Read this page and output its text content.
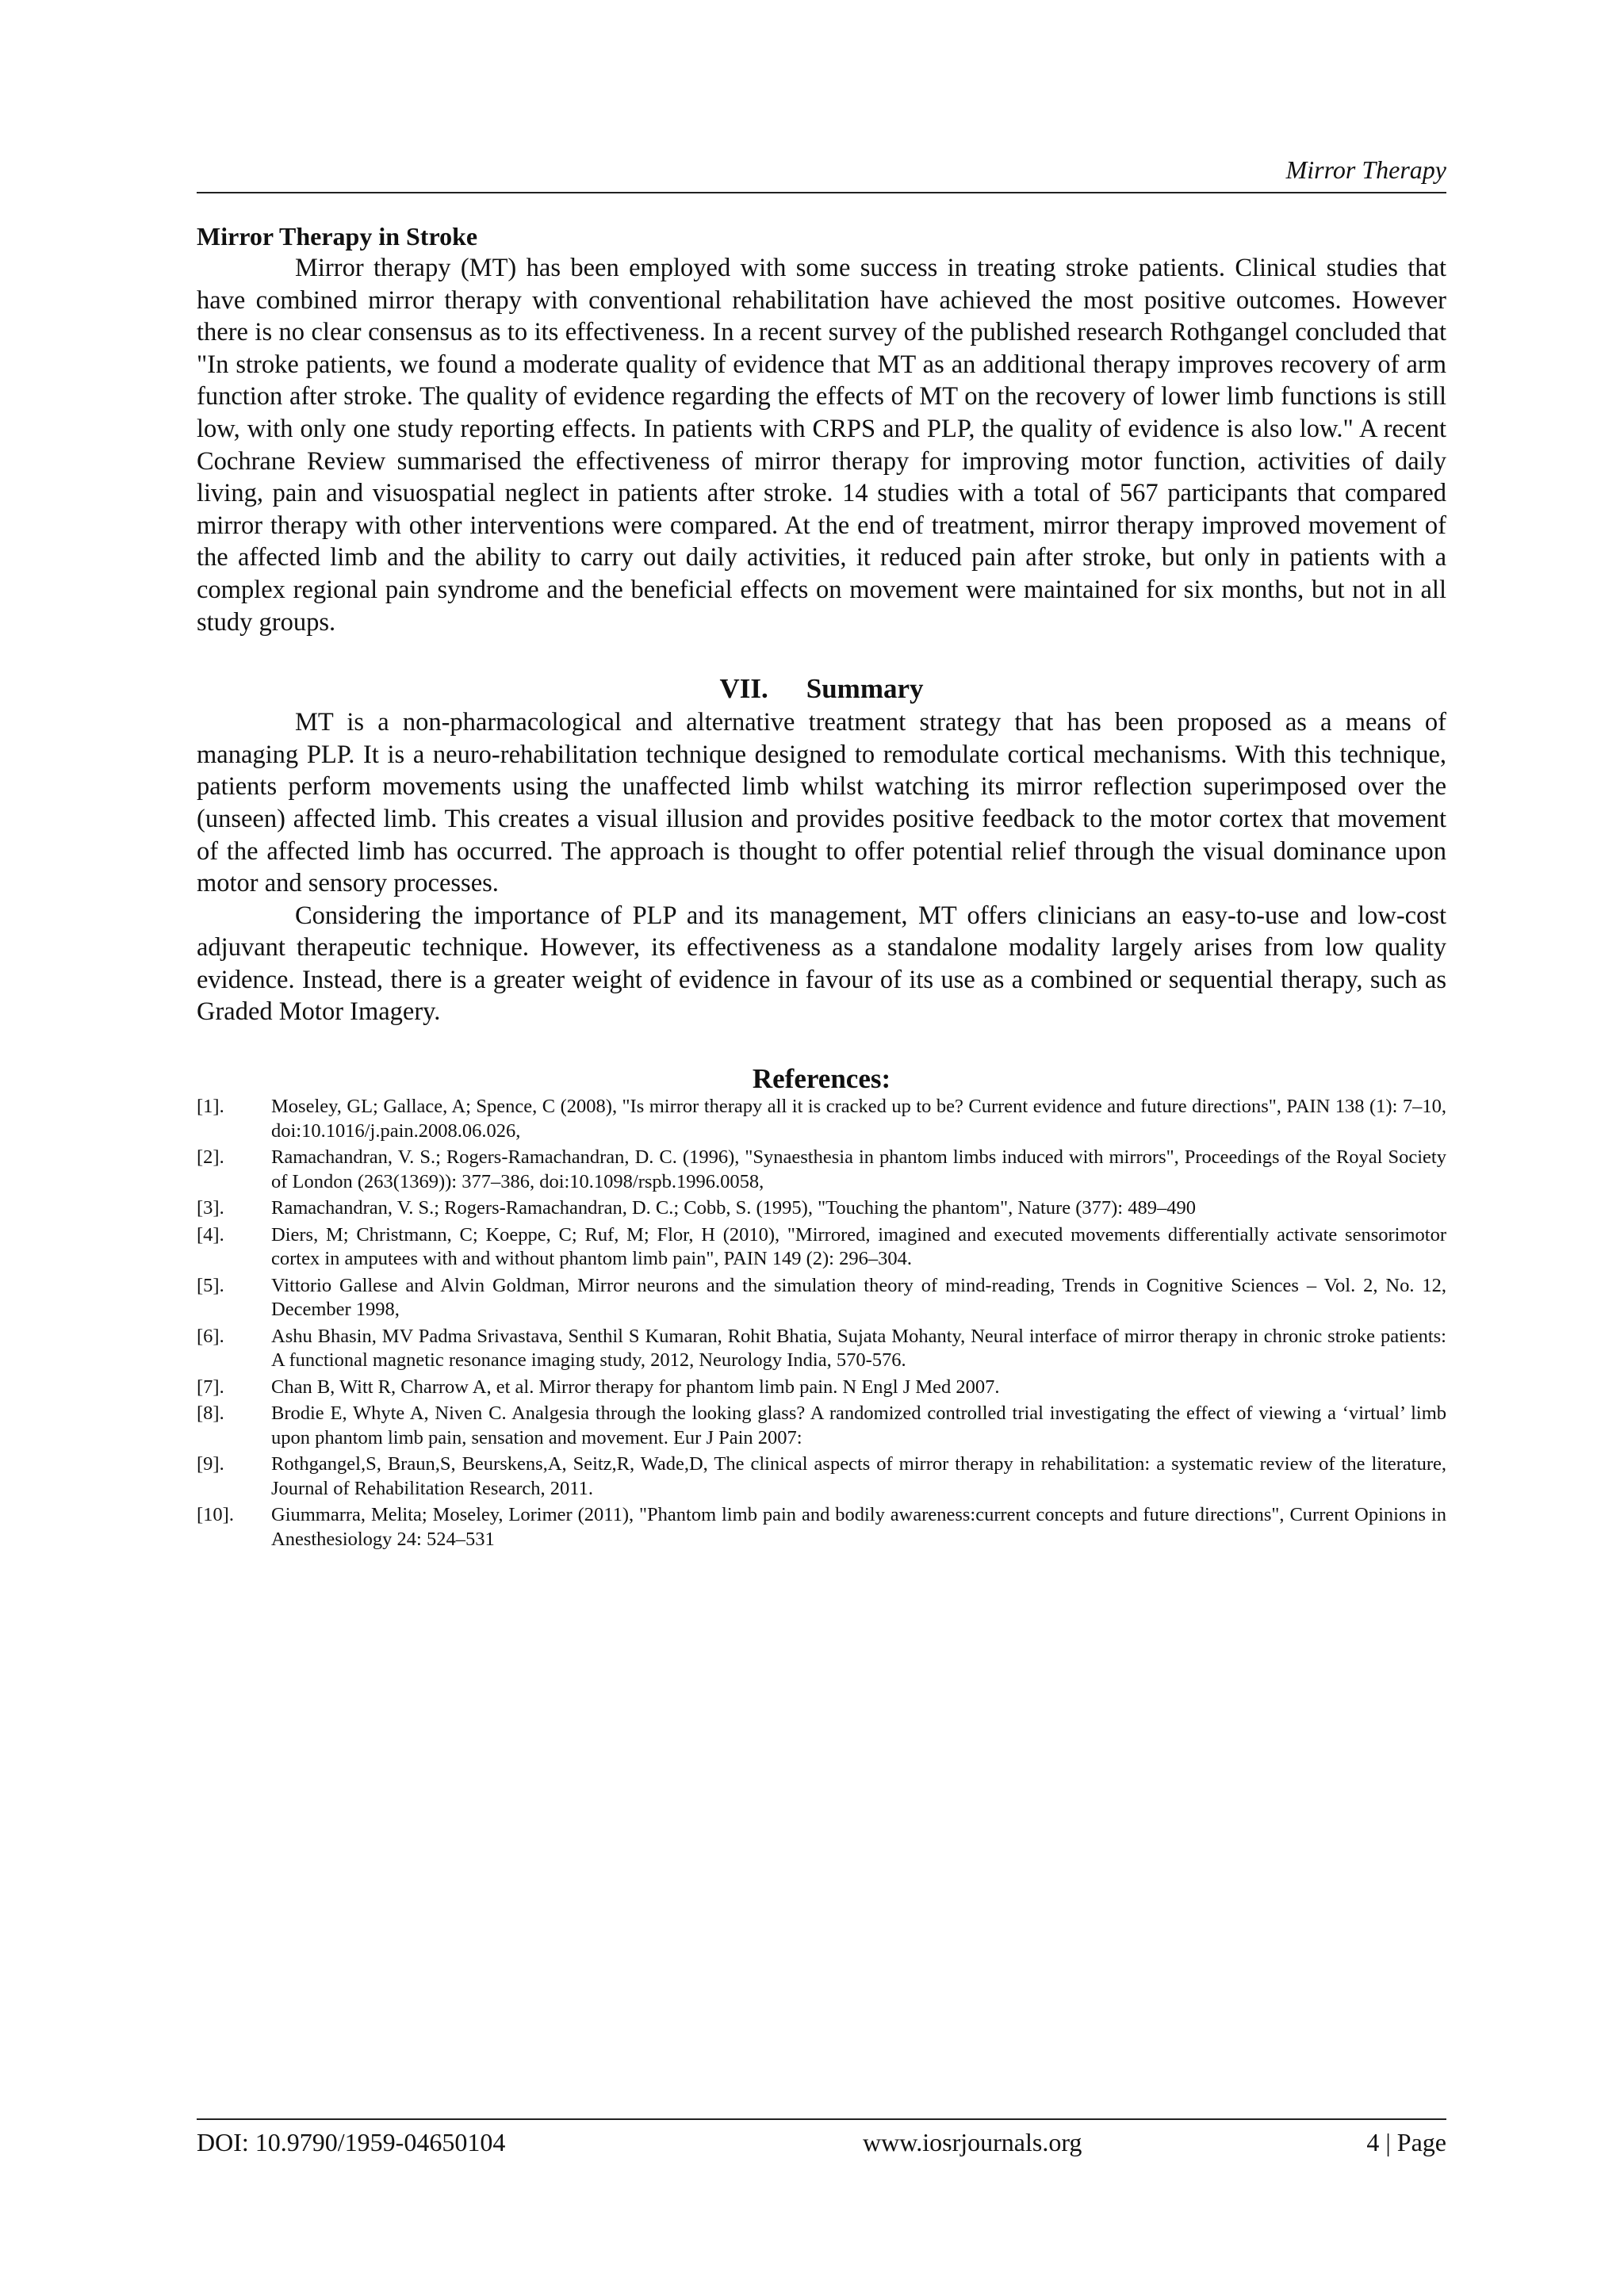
Mirror Therapy
Mirror Therapy in Stroke

Mirror therapy (MT) has been employed with some success in treating stroke patients. Clinical studies that have combined mirror therapy with conventional rehabilitation have achieved the most positive outcomes. However there is no clear consensus as to its effectiveness. In a recent survey of the published research Rothgangel concluded that "In stroke patients, we found a moderate quality of evidence that MT as an additional therapy improves recovery of arm function after stroke. The quality of evidence regarding the effects of MT on the recovery of lower limb functions is still low, with only one study reporting effects. In patients with CRPS and PLP, the quality of evidence is also low." A recent Cochrane Review summarised the effectiveness of mirror therapy for improving motor function, activities of daily living, pain and visuospatial neglect in patients after stroke. 14 studies with a total of 567 participants that compared mirror therapy with other interventions were compared. At the end of treatment, mirror therapy improved movement of the affected limb and the ability to carry out daily activities, it reduced pain after stroke, but only in patients with a complex regional pain syndrome and the beneficial effects on movement were maintained for six months, but not in all study groups.

VII. Summary

MT is a non-pharmacological and alternative treatment strategy that has been proposed as a means of managing PLP. It is a neuro-rehabilitation technique designed to remodulate cortical mechanisms. With this technique, patients perform movements using the unaffected limb whilst watching its mirror reflection superimposed over the (unseen) affected limb. This creates a visual illusion and provides positive feedback to the motor cortex that movement of the affected limb has occurred. The approach is thought to offer potential relief through the visual dominance upon motor and sensory processes.

Considering the importance of PLP and its management, MT offers clinicians an easy-to-use and low-cost adjuvant therapeutic technique. However, its effectiveness as a standalone modality largely arises from low quality evidence. Instead, there is a greater weight of evidence in favour of its use as a combined or sequential therapy, such as Graded Motor Imagery.

References:
[1].	Moseley, GL; Gallace, A; Spence, C (2008), "Is mirror therapy all it is cracked up to be? Current evidence and future directions", PAIN 138 (1): 7–10, doi:10.1016/j.pain.2008.06.026,
[2].	Ramachandran, V. S.; Rogers-Ramachandran, D. C. (1996), "Synaesthesia in phantom limbs induced with mirrors", Proceedings of the Royal Society of London (263(1369)): 377–386, doi:10.1098/rspb.1996.0058,
[3].	Ramachandran, V. S.; Rogers-Ramachandran, D. C.; Cobb, S. (1995), "Touching the phantom", Nature (377): 489–490
[4].	Diers, M; Christmann, C; Koeppe, C; Ruf, M; Flor, H (2010), "Mirrored, imagined and executed movements differentially activate sensorimotor cortex in amputees with and without phantom limb pain", PAIN 149 (2): 296–304.
[5].	Vittorio Gallese and Alvin Goldman, Mirror neurons and the simulation theory of mind-reading, Trends in Cognitive Sciences – Vol. 2, No. 12, December 1998,
[6].	Ashu Bhasin, MV Padma Srivastava, Senthil S Kumaran, Rohit Bhatia, Sujata Mohanty, Neural interface of mirror therapy in chronic stroke patients: A functional magnetic resonance imaging study, 2012, Neurology India, 570-576.
[7].	Chan B, Witt R, Charrow A, et al. Mirror therapy for phantom limb pain. N Engl J Med 2007.
[8].	Brodie E, Whyte A, Niven C. Analgesia through the looking glass? A randomized controlled trial investigating the effect of viewing a ‘virtual’ limb upon phantom limb pain, sensation and movement. Eur J Pain 2007:
[9].	Rothgangel,S, Braun,S, Beurskens,A, Seitz,R, Wade,D, The clinical aspects of mirror therapy in rehabilitation: a systematic review of the literature, Journal of Rehabilitation Research, 2011.
[10].	Giummarra, Melita; Moseley, Lorimer (2011), "Phantom limb pain and bodily awareness:current concepts and future directions", Current Opinions in Anesthesiology 24: 524–531
DOI: 10.9790/1959-04650104	www.iosrjournals.org	4 | Page
